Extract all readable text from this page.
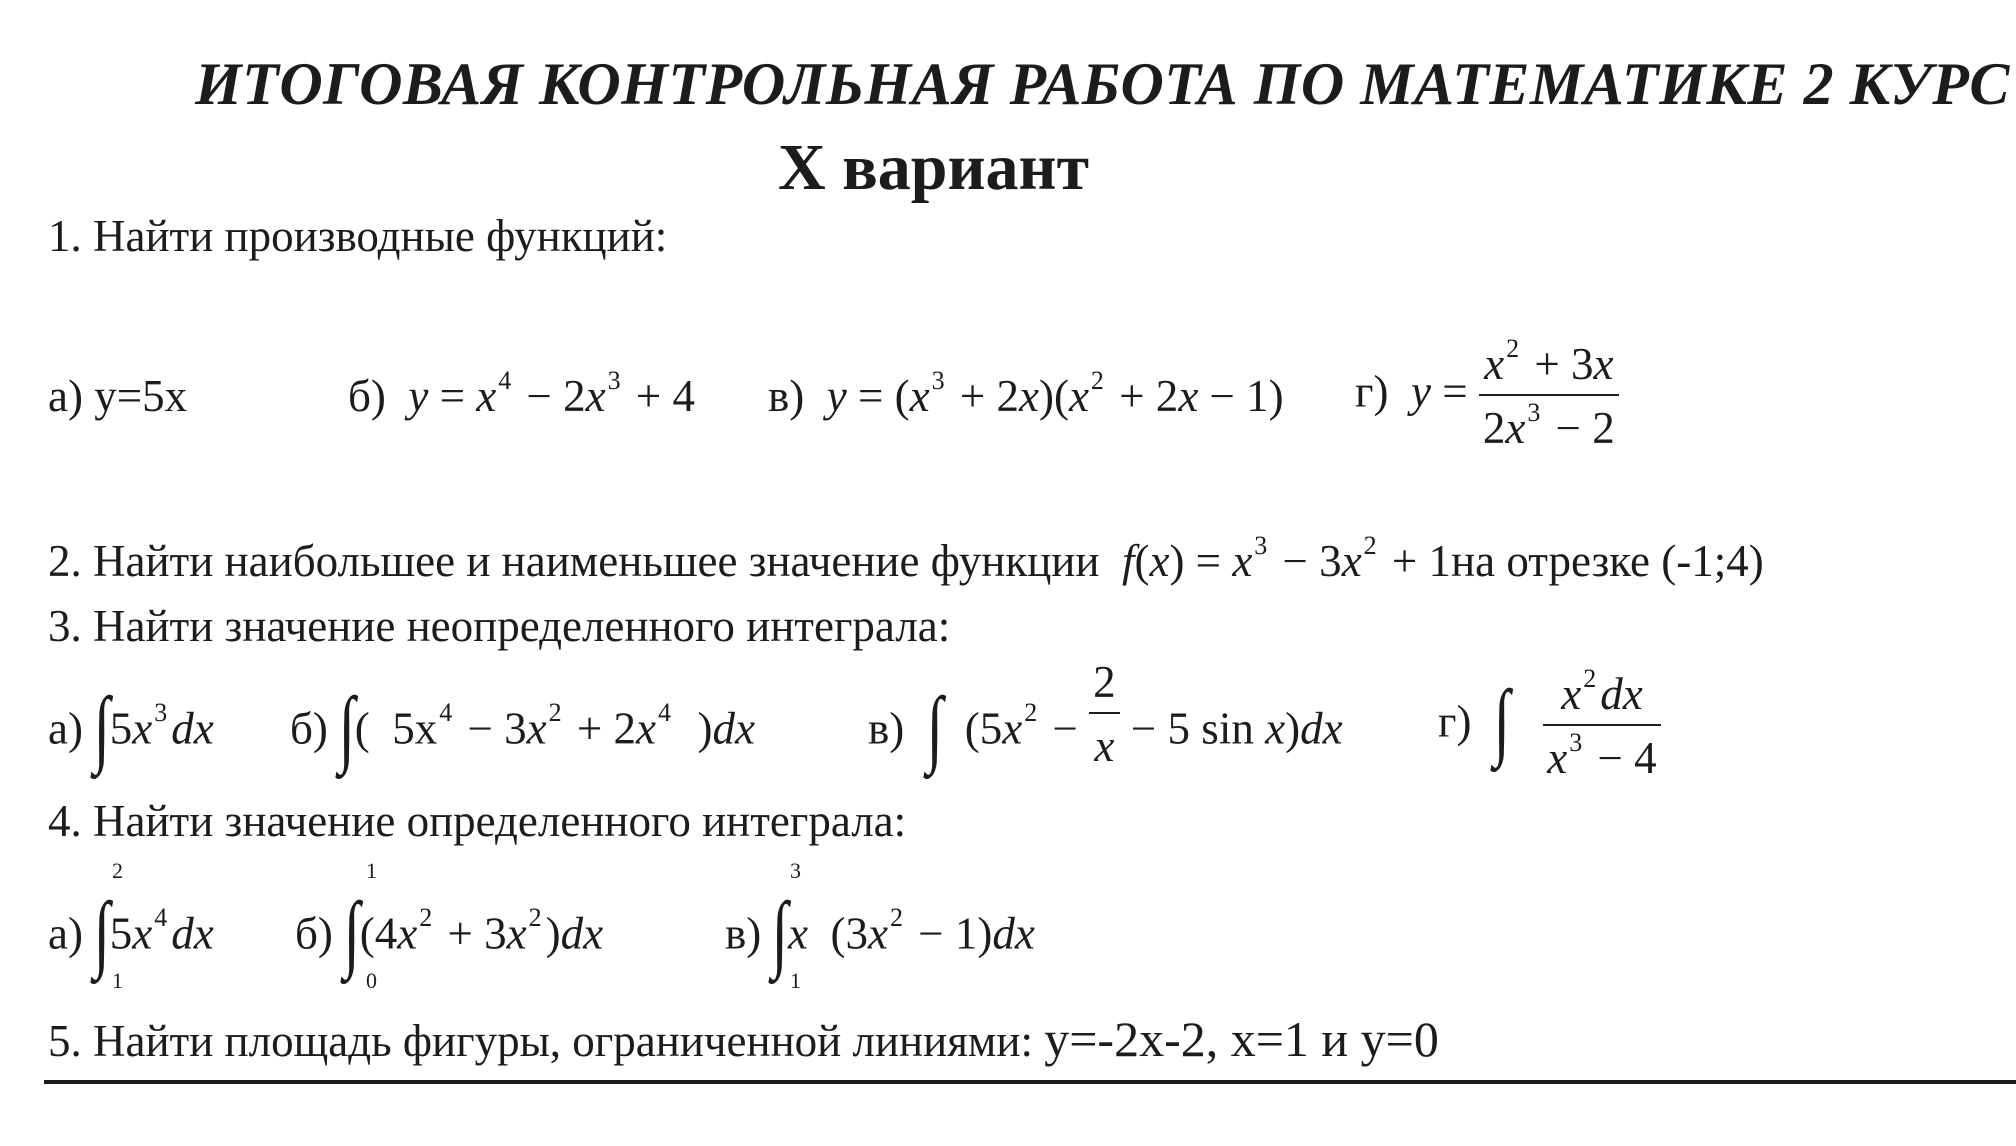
ИТОГОВАЯ КОНТРОЛЬНАЯ РАБОТА ПО МАТЕМАТИКЕ 2 КУРС
X вариант
1. Найти производные функций:
а) y=5x	б) $y = x^4 - 2x^3 + 4$ в) $y = (x^3 + 2x)(x^2 + 2x - 1)$ г) $y = \frac{x^2 + 3x}{2x^3 - 2}$
2. Найти наибольшее и наименьшее значение функции $f(x) = x^3 - 3x^2 + 1на$ отрезке (-1;4)
3. Найти значение неопределенного интеграла:
а) $\int 5x^3dx$ б) ∫(  $5x^4 - 3x^2 + 2x^4$  )dx	в) ∫  ($5x^2 - \frac{2}{x} - 5$ sin x)dx г) ∫ $\frac{x^2dx}{x^3 - 4}$
4. Найти значение определенного интеграла:
2
1
а) $\int 5x^4dx$
1
0
б) $\int(4x^2 + 3x^2)dx$
3
1
в) ∫x  $(3x^2 - 1)dx$
5. Найти площадь фигуры, ограниченной линиями: y=-2x-2, x=1 и y=0
